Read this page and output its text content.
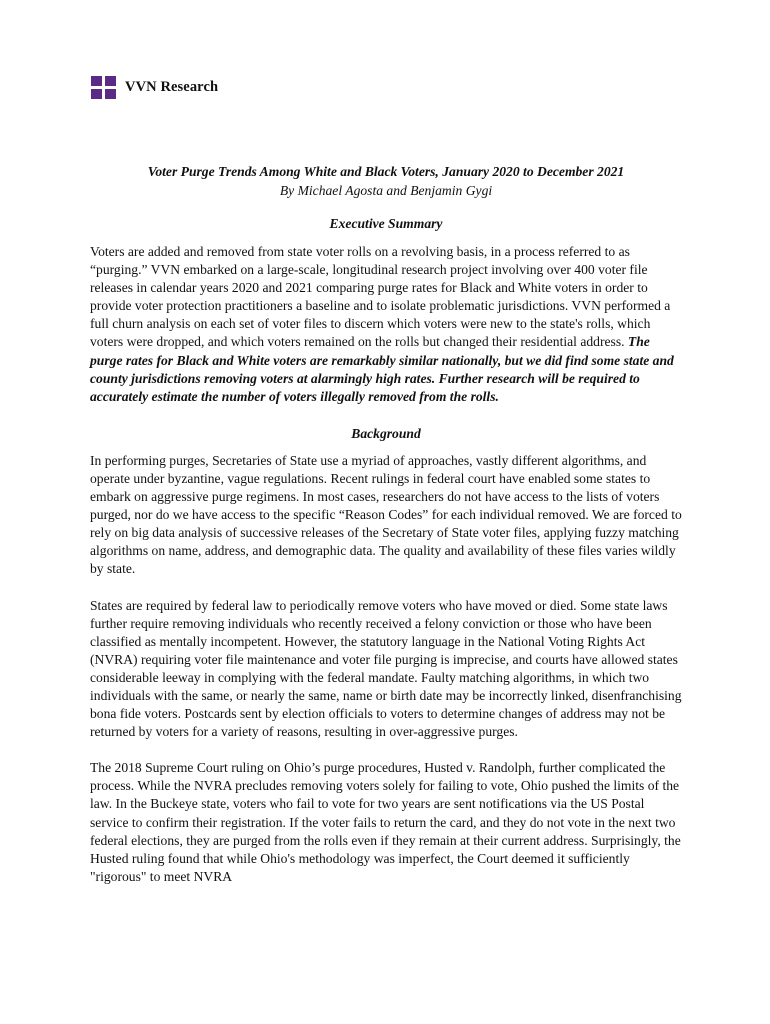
VVN Research

Voter Purge Trends Among White and Black Voters, January 2020 to December 2021

By Michael Agosta and Benjamin Gygi

Executive Summary

Voters are added and removed from state voter rolls on a revolving basis, in a process referred to as “purging.” VVN embarked on a large-scale, longitudinal research project involving over 400 voter file releases in calendar years 2020 and 2021 comparing purge rates for Black and White voters in order to provide voter protection practitioners a baseline and to isolate problematic jurisdictions. VVN performed a full churn analysis on each set of voter files to discern which voters were new to the state's rolls, which voters were dropped, and which voters remained on the rolls but changed their residential address. The purge rates for Black and White voters are remarkably similar nationally, but we did find some state and county jurisdictions removing voters at alarmingly high rates. Further research will be required to accurately estimate the number of voters illegally removed from the rolls.

Background

In performing purges, Secretaries of State use a myriad of approaches, vastly different algorithms, and operate under byzantine, vague regulations. Recent rulings in federal court have enabled some states to embark on aggressive purge regimens. In most cases, researchers do not have access to the lists of voters purged, nor do we have access to the specific “Reason Codes” for each individual removed. We are forced to rely on big data analysis of successive releases of the Secretary of State voter files, applying fuzzy matching algorithms on name, address, and demographic data. The quality and availability of these files varies wildly by state.

States are required by federal law to periodically remove voters who have moved or died. Some state laws further require removing individuals who recently received a felony conviction or those who have been classified as mentally incompetent. However, the statutory language in the National Voting Rights Act (NVRA) requiring voter file maintenance and voter file purging is imprecise, and courts have allowed states considerable leeway in complying with the federal mandate. Faulty matching algorithms, in which two individuals with the same, or nearly the same, name or birth date may be incorrectly linked, disenfranchising bona fide voters. Postcards sent by election officials to voters to determine changes of address may not be returned by voters for a variety of reasons, resulting in over-aggressive purges.

The 2018 Supreme Court ruling on Ohio’s purge procedures, Husted v. Randolph, further complicated the process. While the NVRA precludes removing voters solely for failing to vote, Ohio pushed the limits of the law. In the Buckeye state, voters who fail to vote for two years are sent notifications via the US Postal service to confirm their registration. If the voter fails to return the card, and they do not vote in the next two federal elections, they are purged from the rolls even if they remain at their current address. Surprisingly, the Husted ruling found that while Ohio's methodology was imperfect, the Court deemed it sufficiently "rigorous" to meet NVRA
